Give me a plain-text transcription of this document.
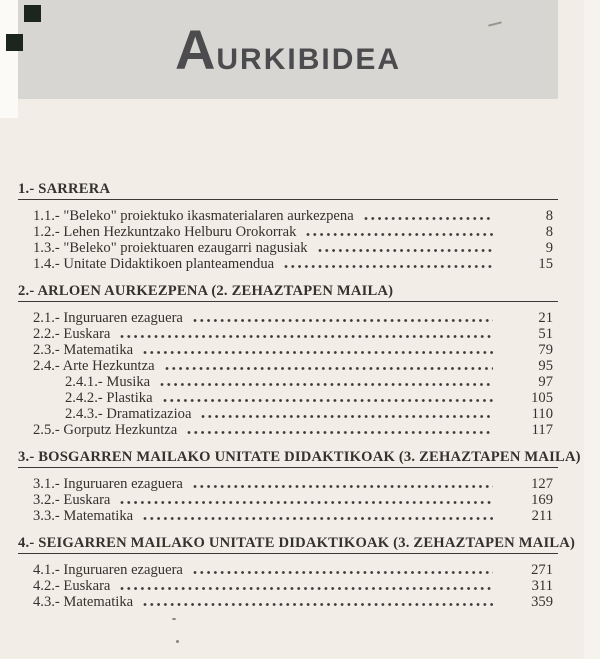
A URKIBIDEA
1.- SARRERA
1.1.- "Beleko" proiektuko ikasmaterialaren aurkezpena	8
1.2.- Lehen Hezkuntzako Helburu Orokorrak	8
1.3.- "Beleko" proiektuaren ezaugarri nagusiak	9
1.4.- Unitate Didaktikoen planteamendua	15
2.- ARLOEN AURKEZPENA (2. ZEHAZTAPEN MAILA)
2.1.- Inguruaren ezaguera	21
2.2.- Euskara	51
2.3.- Matematika	79
2.4.- Arte Hezkuntza	95
2.4.1.- Musika	97
2.4.2.- Plastika	105
2.4.3.- Dramatizazioa	110
2.5.- Gorputz Hezkuntza	117
3.- BOSGARREN MAILAKO UNITATE DIDAKTIKOAK (3. ZEHAZTAPEN MAILA)
3.1.- Inguruaren ezaguera	127
3.2.- Euskara	169
3.3.- Matematika	211
4.- SEIGARREN MAILAKO UNITATE DIDAKTIKOAK (3. ZEHAZTAPEN MAILA)
4.1.- Inguruaren ezaguera	271
4.2.- Euskara	311
4.3.- Matematika	359
